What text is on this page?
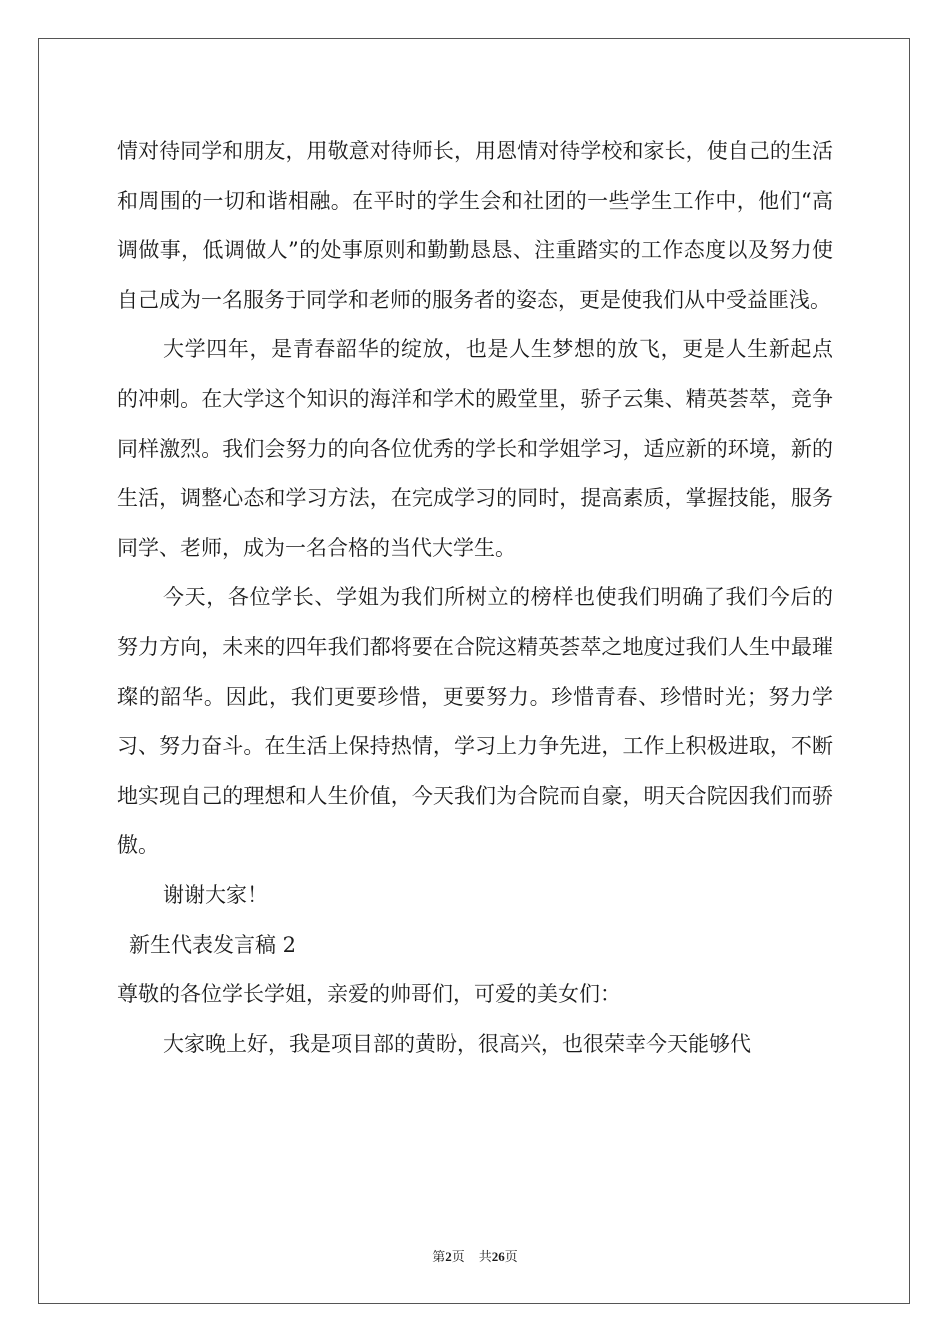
情对待同学和朋友，用敬意对待师长，用恩情对待学校和家长，使自己的生活和周围的一切和谐相融。在平时的学生会和社团的一些学生工作中，他们“高调做事，低调做人”的处事原则和勤勤恳恳、注重踏实的工作态度以及努力使自己成为一名服务于同学和老师的服务者的姿态，更是使我们从中受益匪浅。

大学四年，是青春韶华的绽放，也是人生梦想的放飞，更是人生新起点的冲刺。在大学这个知识的海洋和学术的殿堂里，骄子云集、精英荟萃，竞争同样激烈。我们会努力的向各位优秀的学长和学姐学习，适应新的环境，新的生活，调整心态和学习方法，在完成学习的同时，提高素质，掌握技能，服务同学、老师，成为一名合格的当代大学生。

今天，各位学长、学姐为我们所树立的榜样也使我们明确了我们今后的努力方向，未来的四年我们都将要在合院这精英荟萃之地度过我们人生中最璀璨的韶华。因此，我们更要珍惜，更要努力。珍惜青春、珍惜时光；努力学习、努力奋斗。在生活上保持热情，学习上力争先进，工作上积极进取，不断地实现自己的理想和人生价值，今天我们为合院而自豪，明天合院因我们而骄傲。

谢谢大家！

新生代表发言稿 2

尊敬的各位学长学姐，亲爱的帅哥们，可爱的美女们：

大家晚上好，我是项目部的黄盼，很高兴，也很荣幸今天能够代

第2页 共26页
